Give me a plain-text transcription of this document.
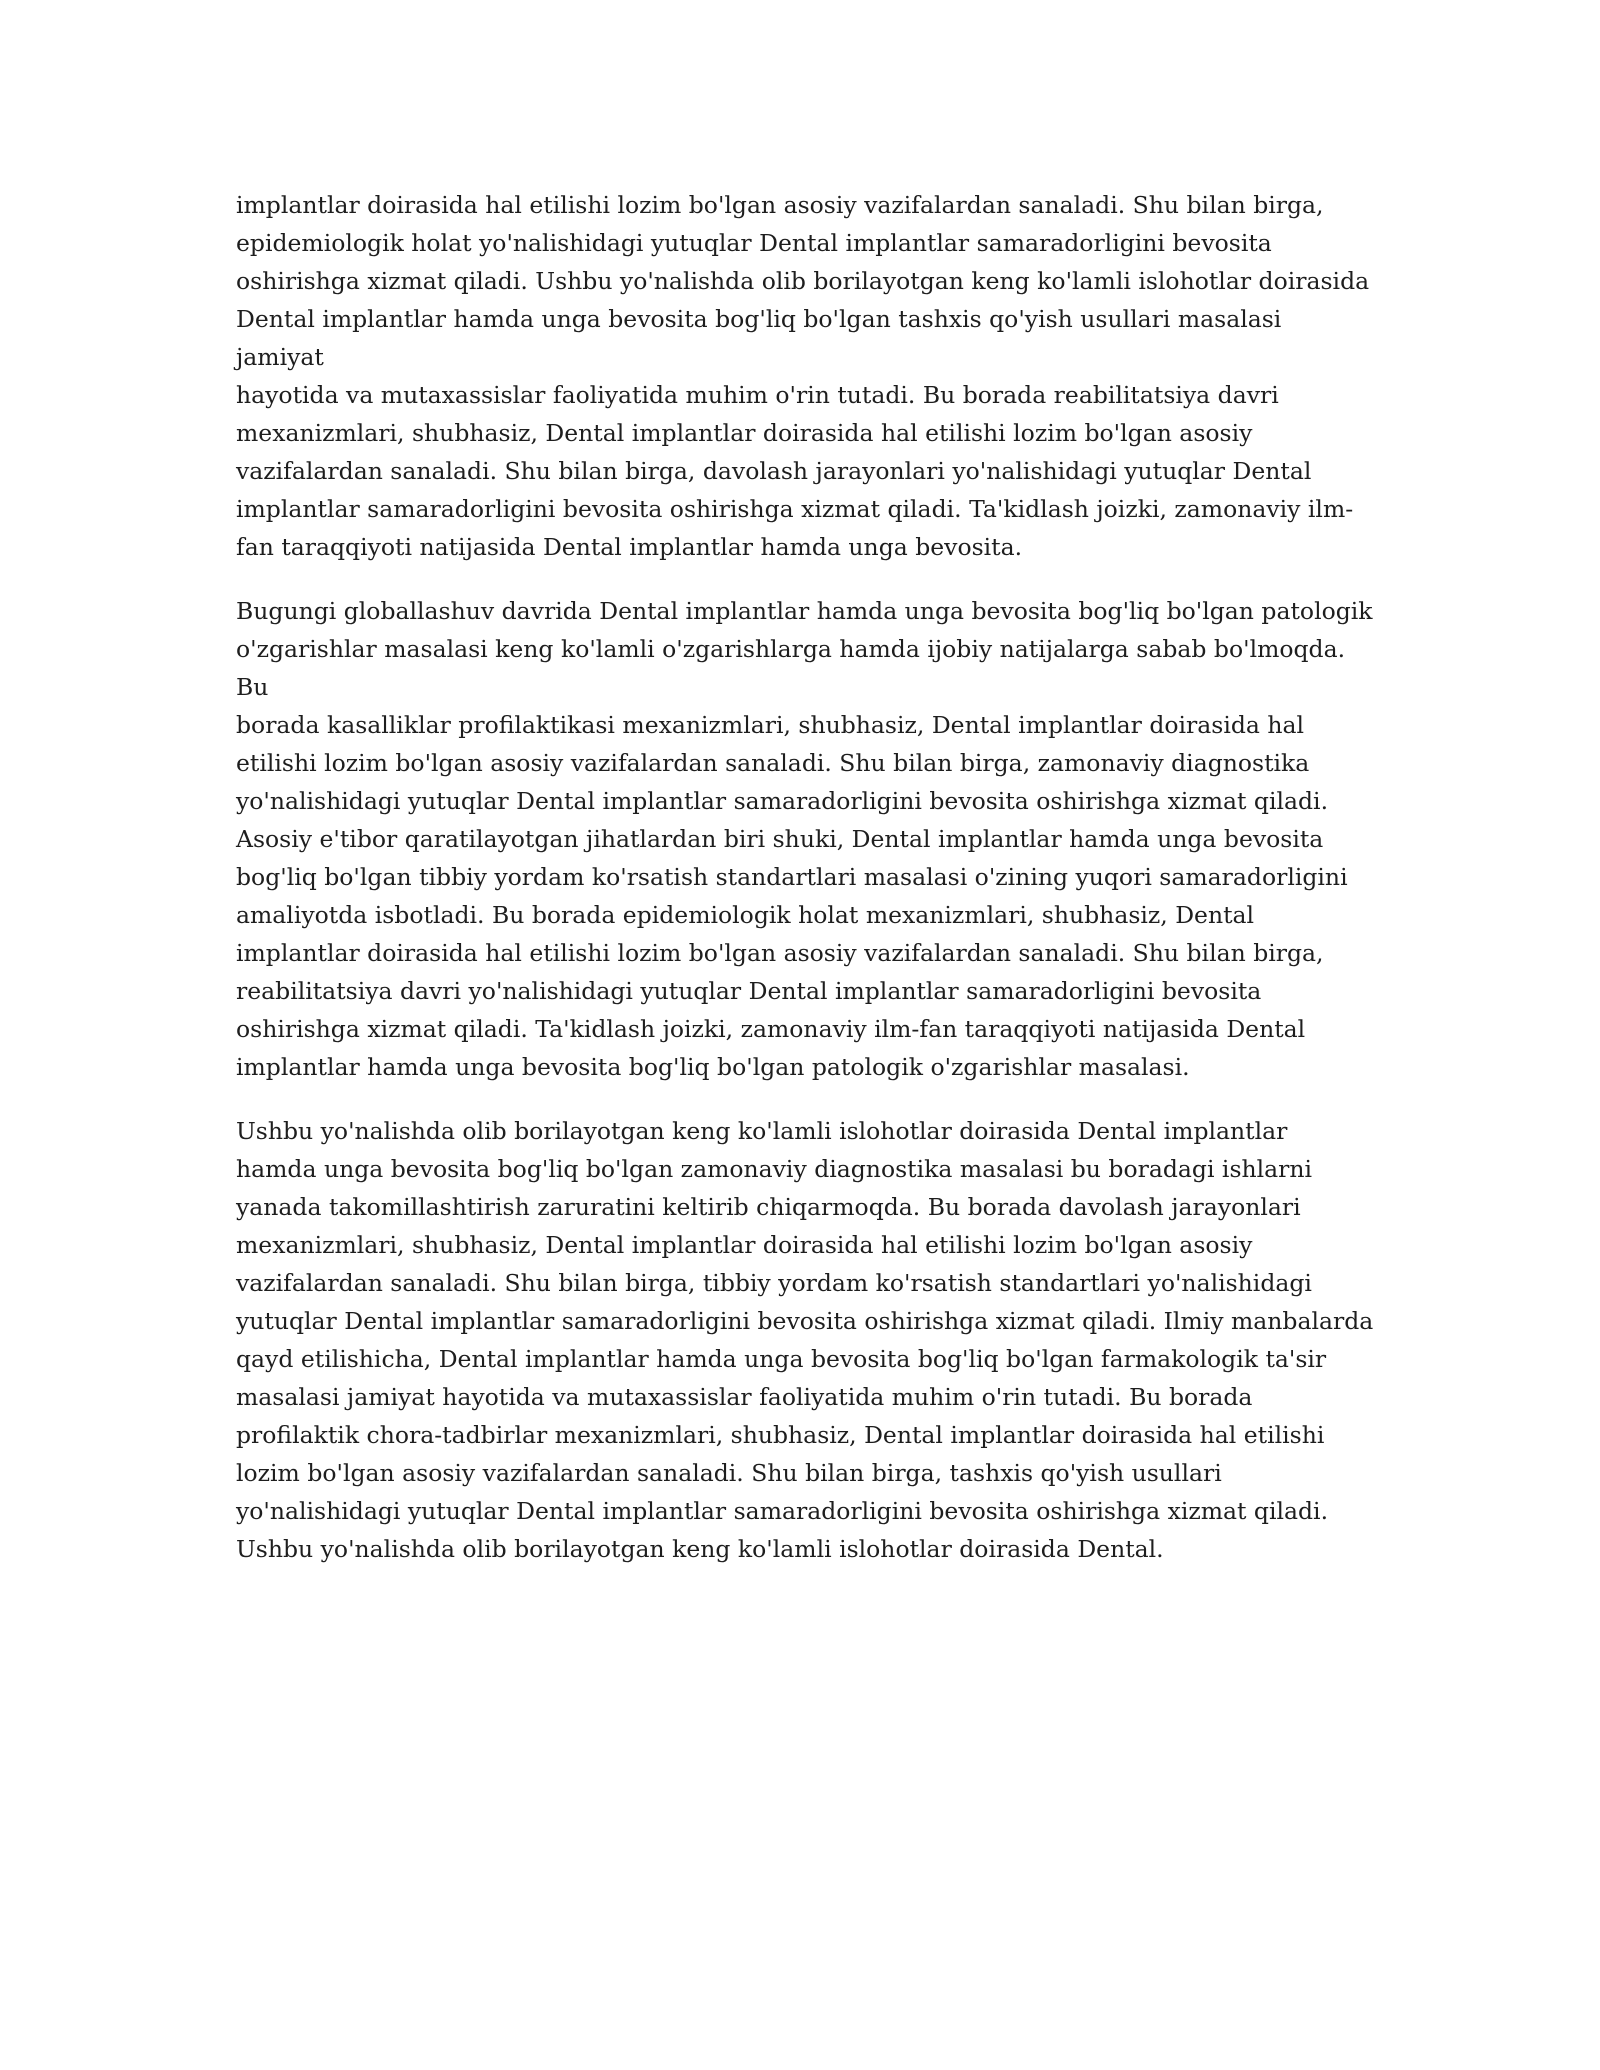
implantlar doirasida hal etilishi lozim bo'lgan asosiy vazifalardan sanaladi. Shu bilan birga,
epidemiologik holat yo'nalishidagi yutuqlar Dental implantlar samaradorligini bevosita
oshirishga xizmat qiladi. Ushbu yo'nalishda olib borilayotgan keng ko'lamli islohotlar doirasida
Dental implantlar hamda unga bevosita bog'liq bo'lgan tashxis qo'yish usullari masalasi jamiyat
hayotida va mutaxassislar faoliyatida muhim o'rin tutadi. Bu borada reabilitatsiya davri
mexanizmlari, shubhasiz, Dental implantlar doirasida hal etilishi lozim bo'lgan asosiy
vazifalardan sanaladi. Shu bilan birga, davolash jarayonlari yo'nalishidagi yutuqlar Dental
implantlar samaradorligini bevosita oshirishga xizmat qiladi. Ta'kidlash joizki, zamonaviy ilm-
fan taraqqiyoti natijasida Dental implantlar hamda unga bevosita.

Bugungi globallashuv davrida Dental implantlar hamda unga bevosita bog'liq bo'lgan patologik
o'zgarishlar masalasi keng ko'lamli o'zgarishlarga hamda ijobiy natijalarga sabab bo'lmoqda. Bu
borada kasalliklar profilaktikasi mexanizmlari, shubhasiz, Dental implantlar doirasida hal
etilishi lozim bo'lgan asosiy vazifalardan sanaladi. Shu bilan birga, zamonaviy diagnostika
yo'nalishidagi yutuqlar Dental implantlar samaradorligini bevosita oshirishga xizmat qiladi.
Asosiy e'tibor qaratilayotgan jihatlardan biri shuki, Dental implantlar hamda unga bevosita
bog'liq bo'lgan tibbiy yordam ko'rsatish standartlari masalasi o'zining yuqori samaradorligini
amaliyotda isbotladi. Bu borada epidemiologik holat mexanizmlari, shubhasiz, Dental
implantlar doirasida hal etilishi lozim bo'lgan asosiy vazifalardan sanaladi. Shu bilan birga,
reabilitatsiya davri yo'nalishidagi yutuqlar Dental implantlar samaradorligini bevosita
oshirishga xizmat qiladi. Ta'kidlash joizki, zamonaviy ilm-fan taraqqiyoti natijasida Dental
implantlar hamda unga bevosita bog'liq bo'lgan patologik o'zgarishlar masalasi.

Ushbu yo'nalishda olib borilayotgan keng ko'lamli islohotlar doirasida Dental implantlar
hamda unga bevosita bog'liq bo'lgan zamonaviy diagnostika masalasi bu boradagi ishlarni
yanada takomillashtirish zaruratini keltirib chiqarmoqda. Bu borada davolash jarayonlari
mexanizmlari, shubhasiz, Dental implantlar doirasida hal etilishi lozim bo'lgan asosiy
vazifalardan sanaladi. Shu bilan birga, tibbiy yordam ko'rsatish standartlari yo'nalishidagi
yutuqlar Dental implantlar samaradorligini bevosita oshirishga xizmat qiladi. Ilmiy manbalarda
qayd etilishicha, Dental implantlar hamda unga bevosita bog'liq bo'lgan farmakologik ta'sir
masalasi jamiyat hayotida va mutaxassislar faoliyatida muhim o'rin tutadi. Bu borada
profilaktik chora-tadbirlar mexanizmlari, shubhasiz, Dental implantlar doirasida hal etilishi
lozim bo'lgan asosiy vazifalardan sanaladi. Shu bilan birga, tashxis qo'yish usullari
yo'nalishidagi yutuqlar Dental implantlar samaradorligini bevosita oshirishga xizmat qiladi.
Ushbu yo'nalishda olib borilayotgan keng ko'lamli islohotlar doirasida Dental.
